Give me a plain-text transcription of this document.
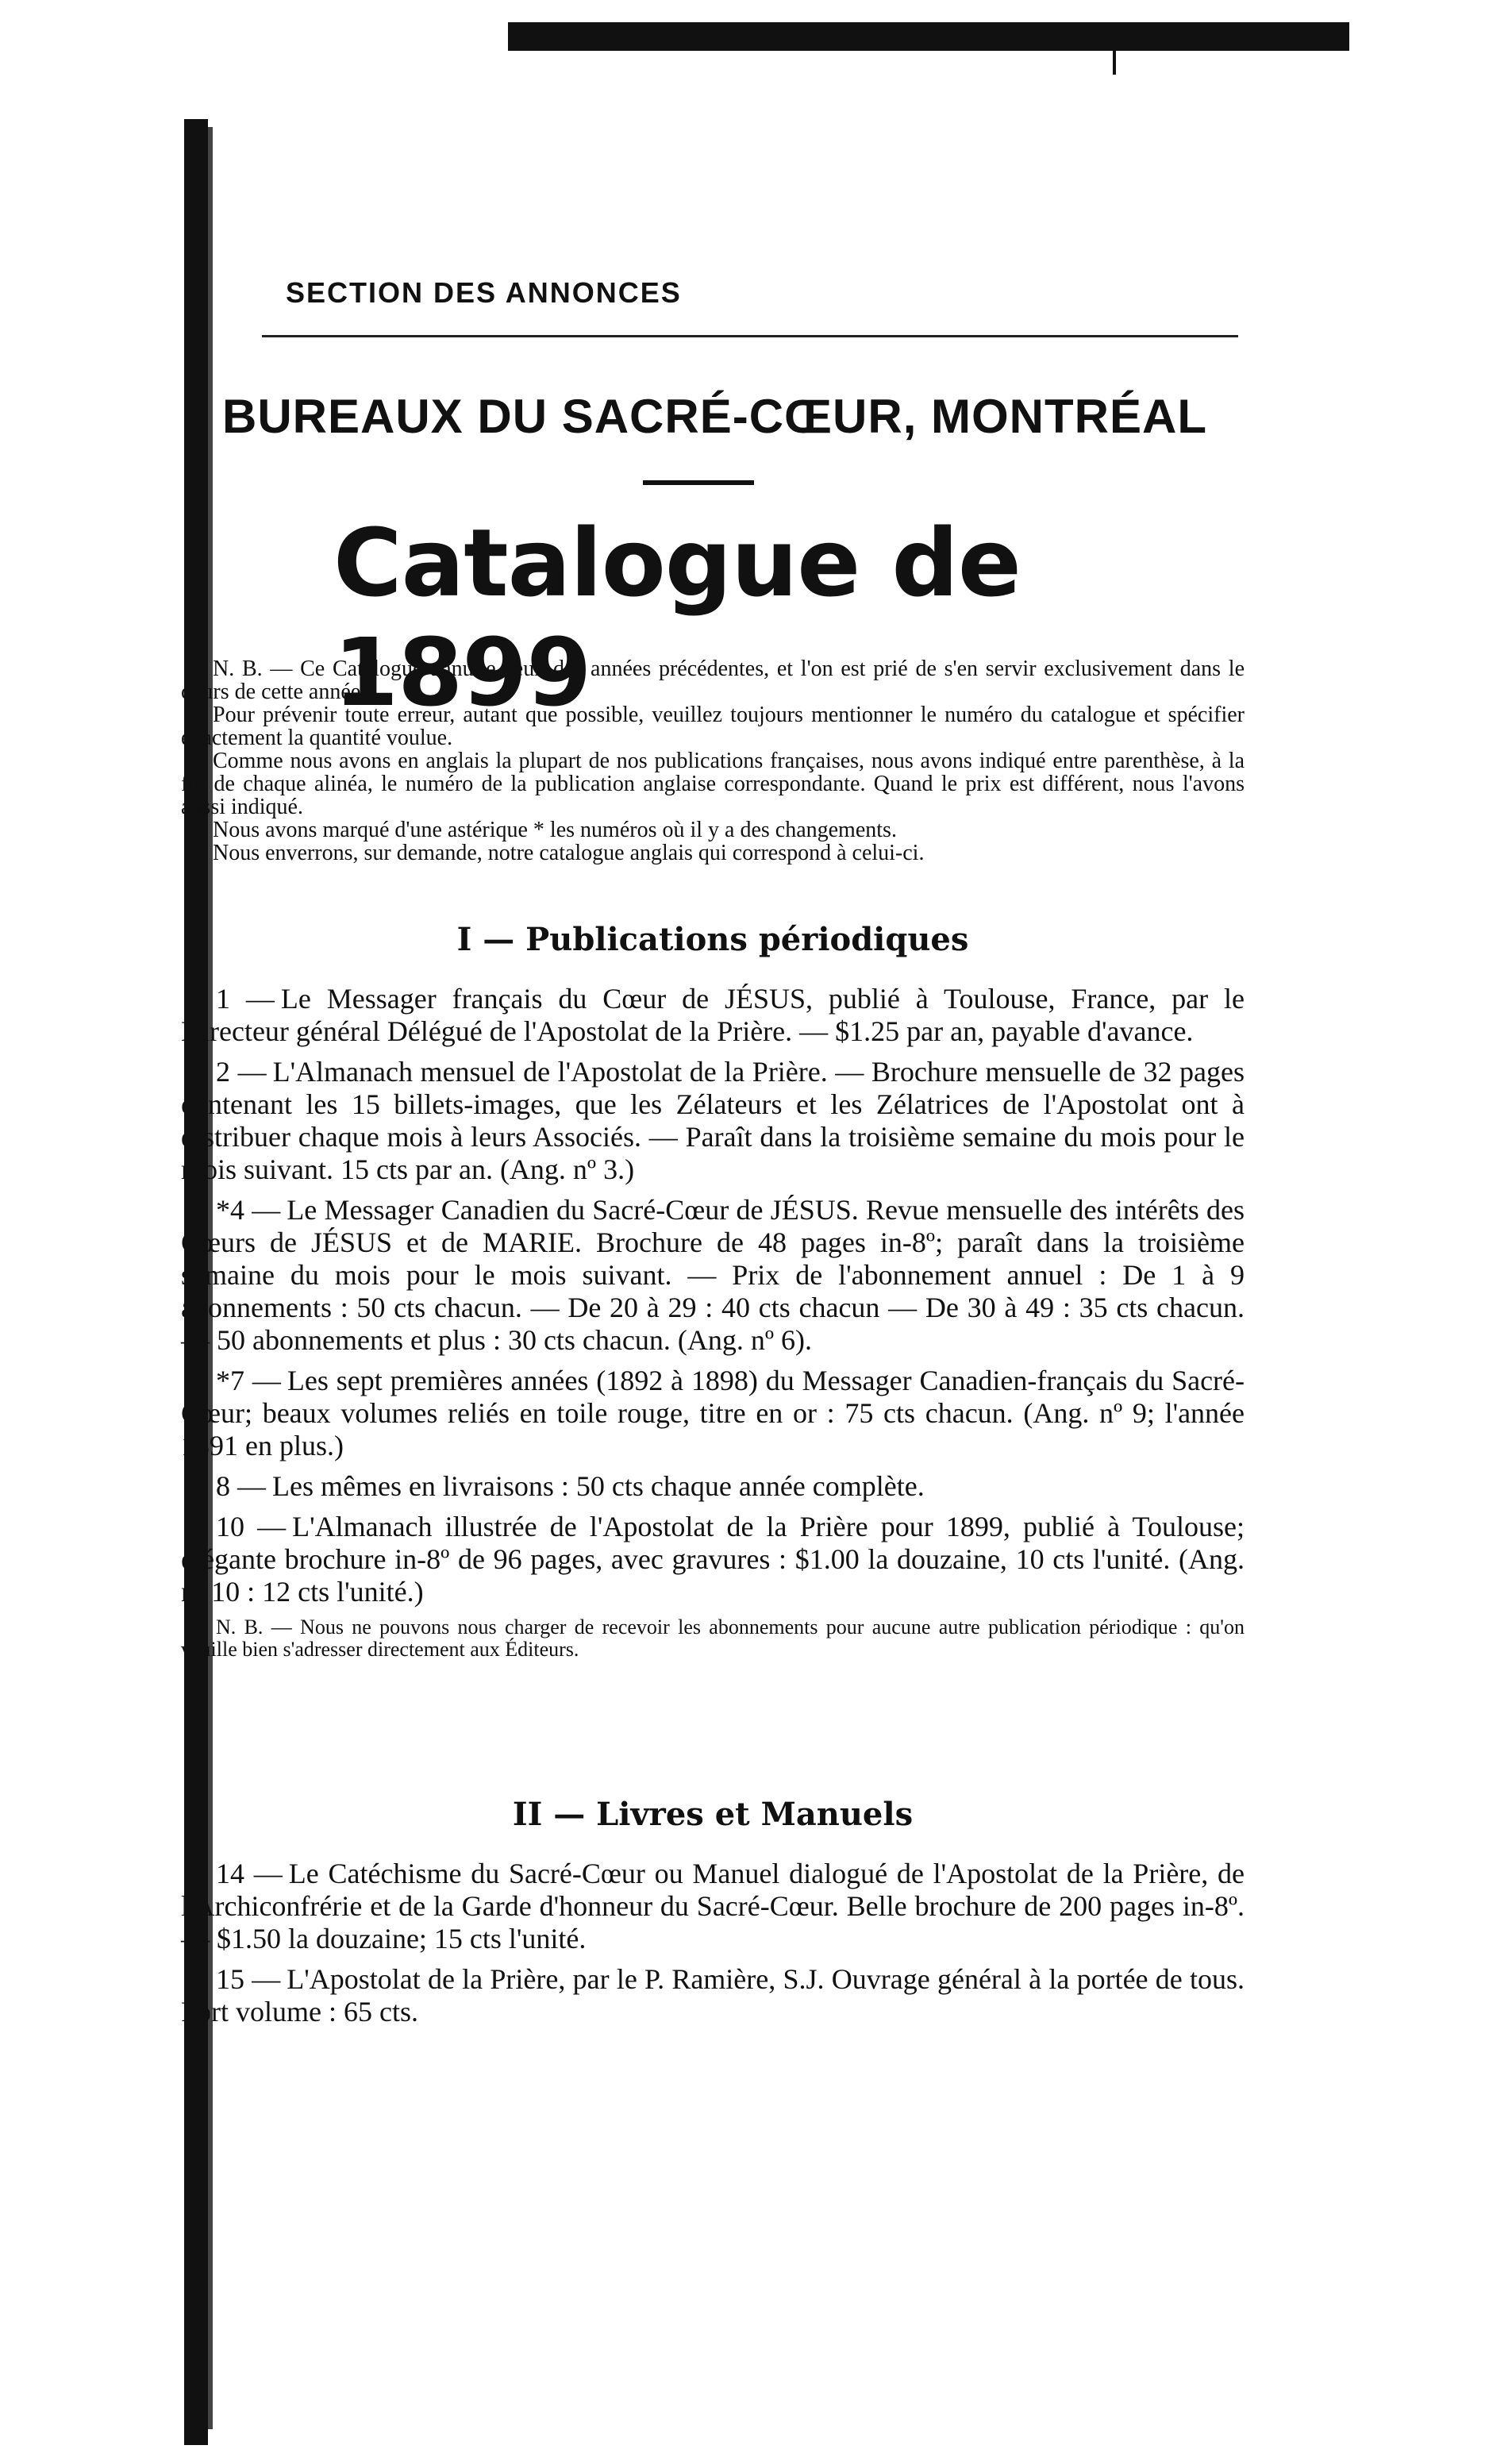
SECTION DES ANNONCES
BUREAUX DU SACRÉ-CŒUR, MONTRÉAL
Catalogue de 1899

N. B. — Ce Catalogue annulle ceux des années précédentes, et l'on est prié de s'en servir exclusivement dans le cours de cette année.

Pour prévenir toute erreur, autant que possible, veuillez toujours mentionner le numéro du catalogue et spécifier exactement la quantité voulue.

Comme nous avons en anglais la plupart de nos publications françaises, nous avons indiqué entre parenthèse, à la fin de chaque alinéa, le numéro de la publication anglaise correspondante. Quand le prix est différent, nous l'avons aussi indiqué.

Nous avons marqué d'une astérique * les numéros où il y a des changements.

Nous enverrons, sur demande, notre catalogue anglais qui correspond à celui-ci.

I — Publications périodiques

1 — Le Messager français du Cœur de JÉSUS, publié à Toulouse, France, par le Directeur général Délégué de l'Apostolat de la Prière. — $1.25 par an, payable d'avance.

2 — L'Almanach mensuel de l'Apostolat de la Prière. — Brochure mensuelle de 32 pages contenant les 15 billets-images, que les Zélateurs et les Zélatrices de l'Apostolat ont à distribuer chaque mois à leurs Associés. — Paraît dans la troisième semaine du mois pour le mois suivant. 15 cts par an. (Ang. nº 3.)

*4 — Le Messager Canadien du Sacré-Cœur de JÉSUS. Revue mensuelle des intérêts des Cœurs de JÉSUS et de MARIE. Brochure de 48 pages in-8º; paraît dans la troisième semaine du mois pour le mois suivant. — Prix de l'abonnement annuel : De 1 à 9 abonnements : 50 cts chacun. — De 20 à 29 : 40 cts chacun — De 30 à 49 : 35 cts chacun. — 50 abonnements et plus : 30 cts chacun. (Ang. nº 6).

*7 — Les sept premières années (1892 à 1898) du Messager Canadien-français du Sacré-Cœur; beaux volumes reliés en toile rouge, titre en or : 75 cts chacun. (Ang. nº 9; l'année 1891 en plus.)

8 — Les mêmes en livraisons : 50 cts chaque année complète.

10 — L'Almanach illustrée de l'Apostolat de la Prière pour 1899, publié à Toulouse; élégante brochure in-8º de 96 pages, avec gravures : $1.00 la douzaine, 10 cts l'unité. (Ang. nº 10 : 12 cts l'unité.)

N. B. — Nous ne pouvons nous charger de recevoir les abonnements pour aucune autre publication périodique : qu'on veuille bien s'adresser directement aux Éditeurs.

II — Livres et Manuels

14 — Le Catéchisme du Sacré-Cœur ou Manuel dialogué de l'Apostolat de la Prière, de l'Archiconfrérie et de la Garde d'honneur du Sacré-Cœur. Belle brochure de 200 pages in-8º. — $1.50 la douzaine; 15 cts l'unité.

15 — L'Apostolat de la Prière, par le P. Ramière, S.J. Ouvrage général à la portée de tous. Fort volume : 65 cts.
